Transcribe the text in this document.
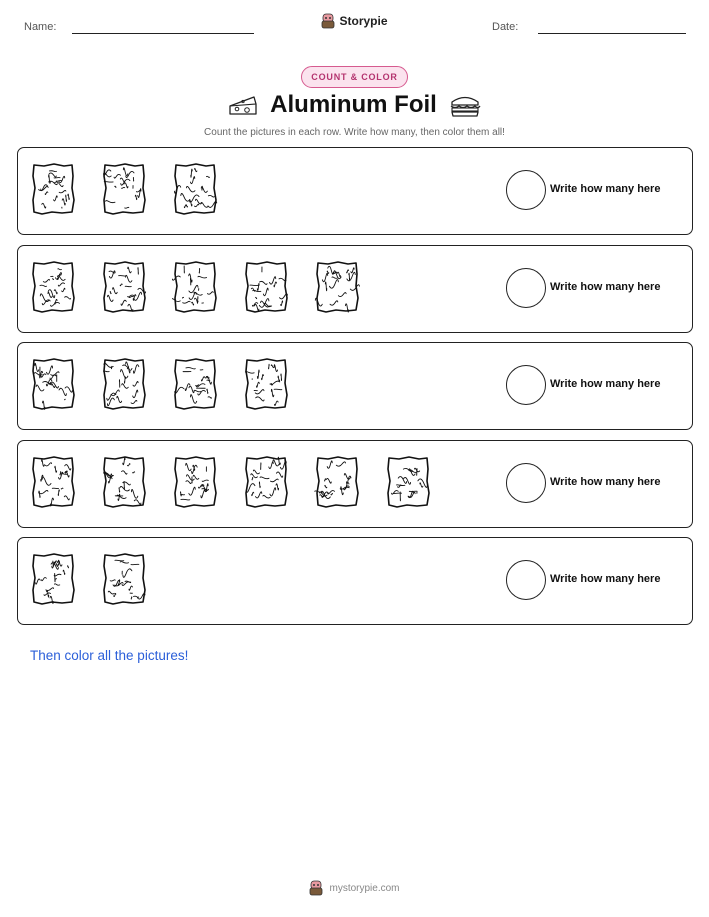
Name:	Storypie	Date:
COUNT & COLOR
Aluminum Foil
Count the pictures in each row. Write how many, then color them all!
Write how many here
Write how many here
Write how many here
Write how many here
Write how many here
Then color all the pictures!
mystorypie.com
